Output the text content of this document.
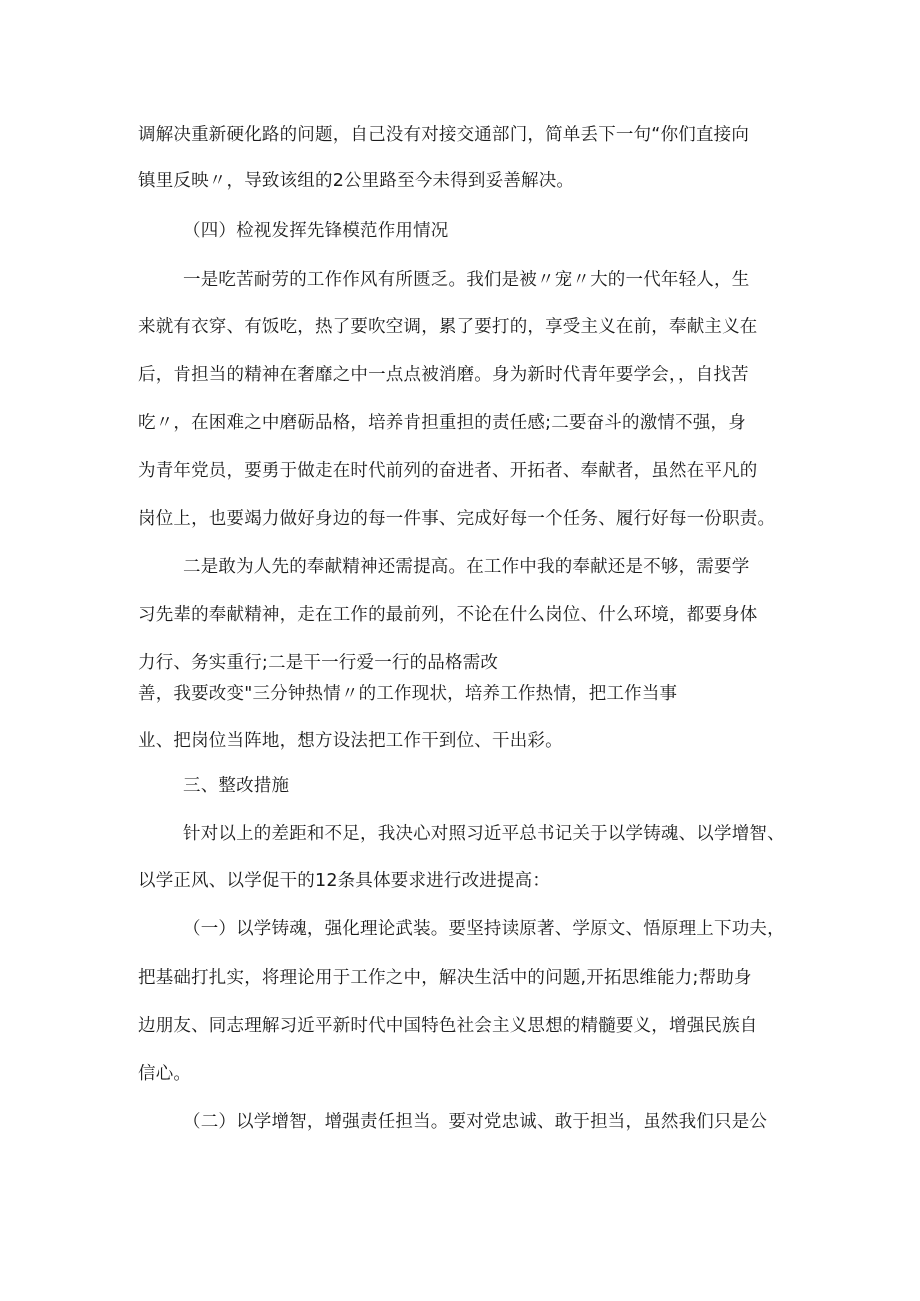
调解决重新硬化路的问题，自己没有对接交通部门，简单丢下一句“你们直接向
镇里反映〃，导致该组的2公里路至今未得到妥善解决。
（四）检视发挥先锋模范作用情况
一是吃苦耐劳的工作作风有所匮乏。我们是被〃宠〃大的一代年轻人，生
来就有衣穿、有饭吃，热了要吹空调，累了要打的，享受主义在前，奉献主义在
后，肯担当的精神在奢靡之中一点点被消磨。身为新时代青年要学会，，自找苦
吃〃，在困难之中磨砺品格，培养肯担重担的责任感;二要奋斗的激情不强，身
为青年党员，要勇于做走在时代前列的奋进者、开拓者、奉献者，虽然在平凡的
岗位上，也要竭力做好身边的每一件事、完成好每一个任务、履行好每一份职责。
二是敢为人先的奉献精神还需提高。在工作中我的奉献还是不够，需要学
习先辈的奉献精神，走在工作的最前列，不论在什么岗位、什么环境，都要身体
力行、务实重行;二是干一行爱一行的品格需改
善，我要改变"三分钟热情〃的工作现状，培养工作热情，把工作当事
业、把岗位当阵地，想方设法把工作干到位、干出彩。
三、整改措施
针对以上的差距和不足，我决心对照习近平总书记关于以学铸魂、以学增智、
以学正风、以学促干的12条具体要求进行改进提高：
（一）以学铸魂，强化理论武装。要坚持读原著、学原文、悟原理上下功夫，
把基础打扎实，将理论用于工作之中，解决生活中的问题,开拓思维能力;帮助身
边朋友、同志理解习近平新时代中国特色社会主义思想的精髓要义，增强民族自
信心。
（二）以学增智，增强责任担当。要对党忠诚、敢于担当，虽然我们只是公
